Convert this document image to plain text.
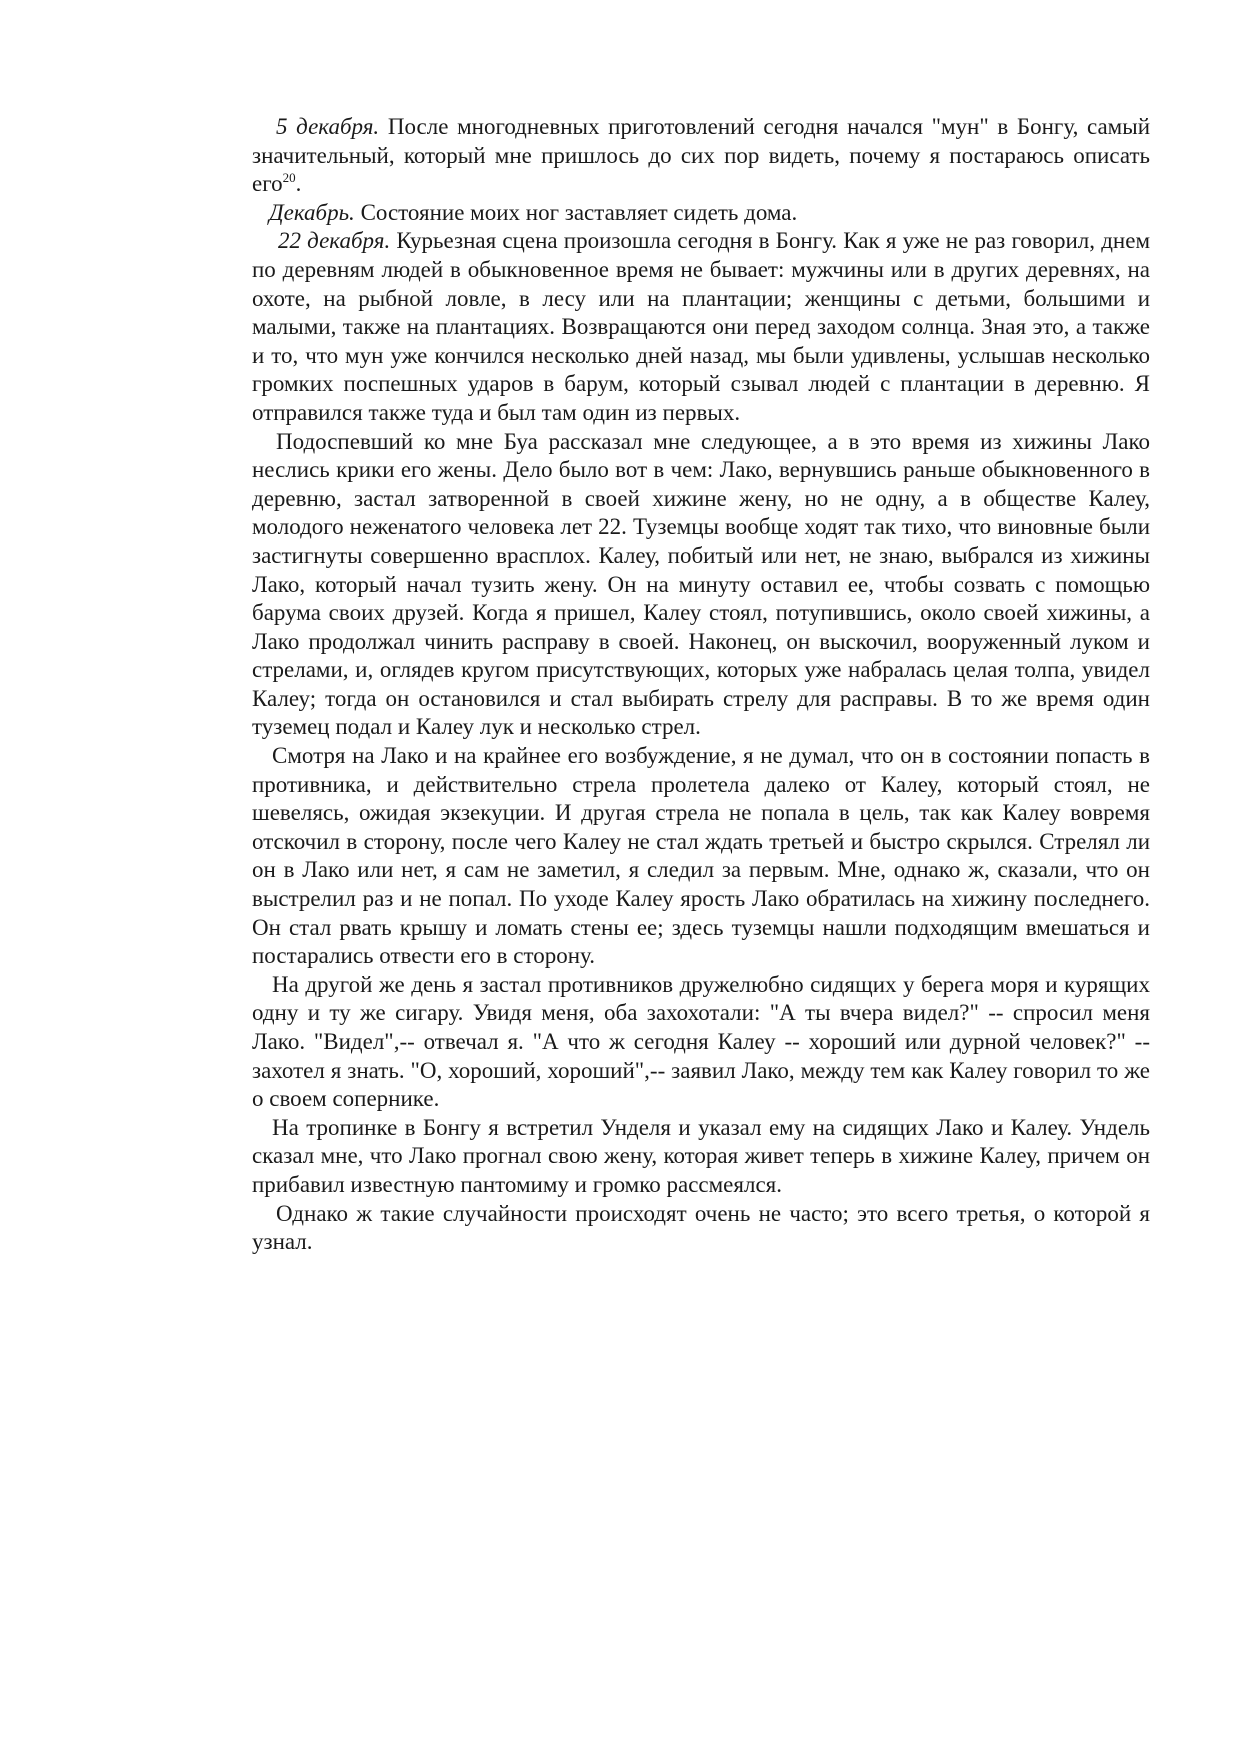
5 декабря. После многодневных приготовлений сегодня начался "мун" в Бонгу, самый значительный, который мне пришлось до сих пор видеть, почему я постараюсь описать его$^{20}$.

Декабрь. Состояние моих ног заставляет сидеть дома.

22 декабря. Курьезная сцена произошла сегодня в Бонгу. Как я уже не раз говорил, днем по деревням людей в обыкновенное время не бывает: мужчины или в других деревнях, на охоте, на рыбной ловле, в лесу или на плантации; женщины с детьми, большими и малыми, также на плантациях. Возвращаются они перед заходом солнца. Зная это, а также и то, что мун уже кончился несколько дней назад, мы были удивлены, услышав несколько громких поспешных ударов в барум, который сзывал людей с плантации в деревню. Я отправился также туда и был там один из первых.

Подоспевший ко мне Буа рассказал мне следующее, а в это время из хижины Лако неслись крики его жены. Дело было вот в чем: Лако, вернувшись раньше обыкновенного в деревню, застал затворенной в своей хижине жену, но не одну, а в обществе Калеу, молодого неженатого человека лет 22. Туземцы вообще ходят так тихо, что виновные были застигнуты совершенно врасплох. Калеу, побитый или нет, не знаю, выбрался из хижины Лако, который начал тузить жену. Он на минуту оставил ее, чтобы созвать с помощью барума своих друзей. Когда я пришел, Калеу стоял, потупившись, около своей хижины, а Лако продолжал чинить расправу в своей. Наконец, он выскочил, вооруженный луком и стрелами, и, оглядев кругом присутствующих, которых уже набралась целая толпа, увидел Калеу; тогда он остановился и стал выбирать стрелу для расправы. В то же время один туземец подал и Калеу лук и несколько стрел.

Смотря на Лако и на крайнее его возбуждение, я не думал, что он в состоянии попасть в противника, и действительно стрела пролетела далеко от Калеу, который стоял, не шевелясь, ожидая экзекуции. И другая стрела не попала в цель, так как Калеу вовремя отскочил в сторону, после чего Калеу не стал ждать третьей и быстро скрылся. Стрелял ли он в Лако или нет, я сам не заметил, я следил за первым. Мне, однако ж, сказали, что он выстрелил раз и не попал. По уходе Калеу ярость Лако обратилась на хижину последнего. Он стал рвать крышу и ломать стены ее; здесь туземцы нашли подходящим вмешаться и постарались отвести его в сторону.

На другой же день я застал противников дружелюбно сидящих у берега моря и курящих одну и ту же сигару. Увидя меня, оба захохотали: "А ты вчера видел?" -- спросил меня Лако. "Видел",-- отвечал я. "А что ж сегодня Калеу -- хороший или дурной человек?" -- захотел я знать. "О, хороший, хороший",-- заявил Лако, между тем как Калеу говорил то же о своем сопернике.

На тропинке в Бонгу я встретил Унделя и указал ему на сидящих Лако и Калеу. Ундель сказал мне, что Лако прогнал свою жену, которая живет теперь в хижине Калеу, причем он прибавил известную пантомиму и громко рассмеялся.

Однако ж такие случайности происходят очень не часто; это всего третья, о которой я узнал.
